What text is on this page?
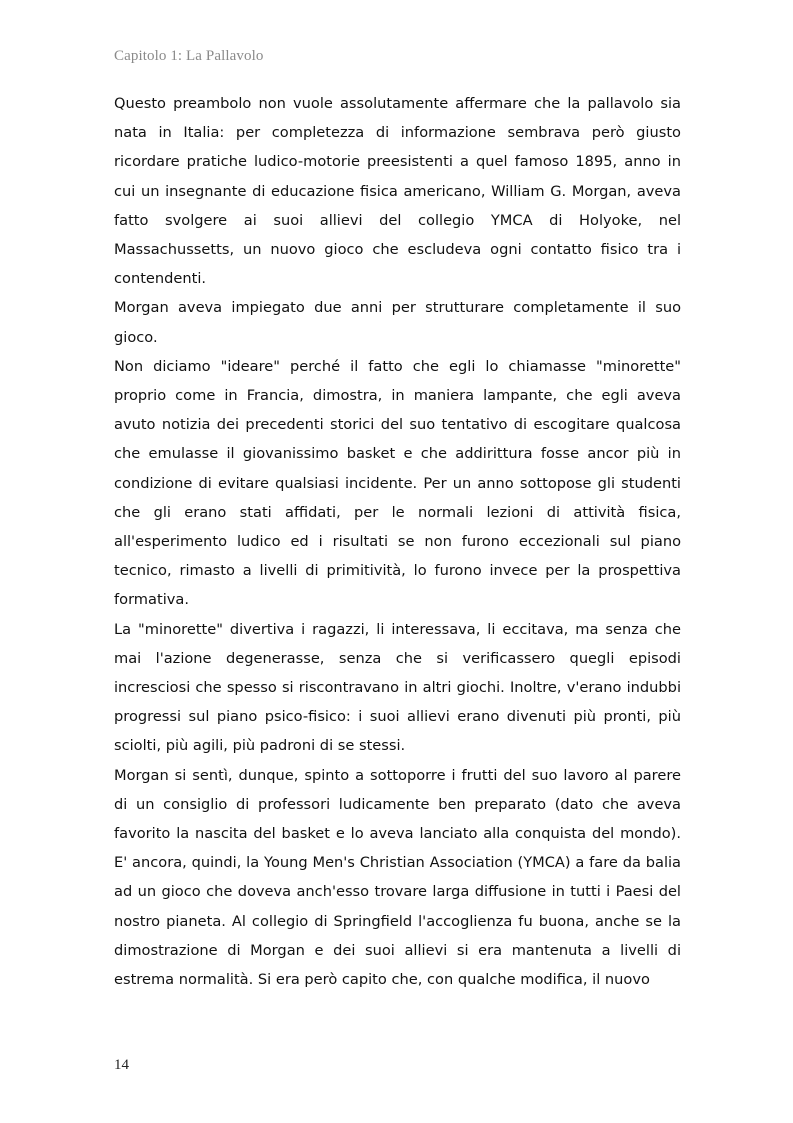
Capitolo 1: La Pallavolo

Questo preambolo non vuole assolutamente affermare che la pallavolo sia nata in Italia: per completezza di informazione sembrava però giusto ricordare pratiche ludico-motorie preesistenti a quel famoso 1895, anno in cui un insegnante di educazione fisica americano, William G. Morgan, aveva fatto svolgere ai suoi allievi del collegio YMCA di Holyoke, nel Massachussetts, un nuovo gioco che escludeva ogni contatto fisico tra i contendenti.

Morgan aveva impiegato due anni per strutturare completamente il suo gioco.

Non diciamo "ideare" perché il fatto che egli lo chiamasse "minorette" proprio come in Francia, dimostra, in maniera lampante, che egli aveva avuto notizia dei precedenti storici del suo tentativo di escogitare qualcosa che emulasse il giovanissimo basket e che addirittura fosse ancor più in condizione di evitare qualsiasi incidente. Per un anno sottopose gli studenti che gli erano stati affidati, per le normali lezioni di attività fisica, all'esperimento ludico ed i risultati se non furono eccezionali sul piano tecnico, rimasto a livelli di primitività, lo furono invece per la prospettiva formativa.

La "minorette" divertiva i ragazzi, li interessava, li eccitava, ma senza che mai l'azione degenerasse, senza che si verificassero quegli episodi incresciosi che spesso si riscontravano in altri giochi. Inoltre, v'erano indubbi progressi sul piano psico-fisico: i suoi allievi erano divenuti più pronti, più sciolti, più agili, più padroni di se stessi.

Morgan si sentì, dunque, spinto a sottoporre i frutti del suo lavoro al parere di un consiglio di professori ludicamente ben preparato (dato che aveva favorito la nascita del basket e lo aveva lanciato alla conquista del mondo). E' ancora, quindi, la Young Men's Christian Association (YMCA) a fare da balia ad un gioco che doveva anch'esso trovare larga diffusione in tutti i Paesi del nostro pianeta. Al collegio di Springfield l'accoglienza fu buona, anche se la dimostrazione di Morgan e dei suoi allievi si era mantenuta a livelli di estrema normalità. Si era però capito che, con qualche modifica, il nuovo

14
